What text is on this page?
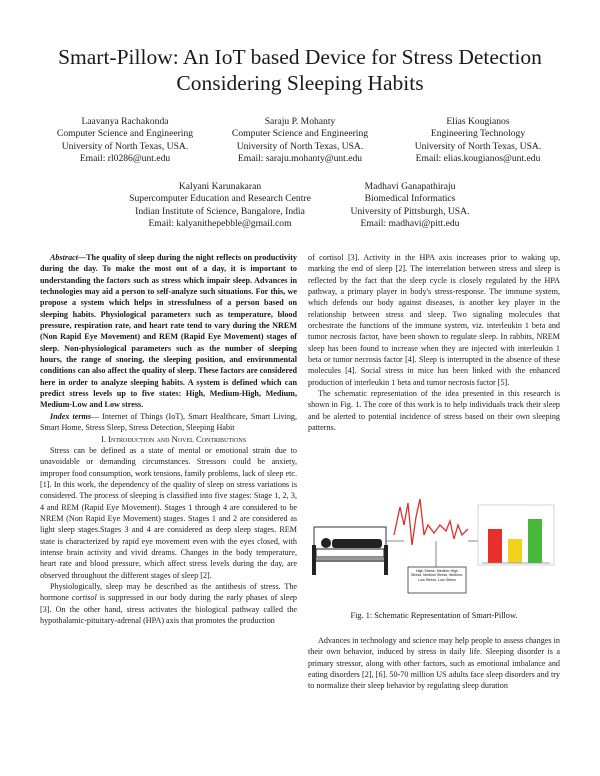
Smart-Pillow: An IoT based Device for Stress Detection Considering Sleeping Habits
Laavanya Rachakonda
Computer Science and Engineering
University of North Texas, USA.
Email: rl0286@unt.edu
Saraju P. Mohanty
Computer Science and Engineering
University of North Texas, USA.
Email: saraju.mohanty@unt.edu
Elias Kougianos
Engineering Technology
University of North Texas, USA.
Email: elias.kougianos@unt.edu
Kalyani Karunakaran
Supercomputer Education and Research Centre
Indian Institute of Science, Bangalore, India
Email: kalyanithepebble@gmail.com
Madhavi Ganapathiraju
Biomedical Informatics
University of Pittsburgh, USA.
Email: madhavi@pitt.edu

Abstract—The quality of sleep during the night reflects on productivity during the day. To make the most out of a day, it is important to understanding the factors such as stress which impair sleep. Advances in technologies may aid a person to self-analyze such situations. For this, we propose a system which helps in stressfulness of a person based on sleeping habits. Physiological parameters such as temperature, blood pressure, respiration rate, and heart rate tend to vary during the NREM (Non Rapid Eye Movement) and REM (Rapid Eye Movement) stages of sleep. Non-physiological parameters such as the number of sleeping hours, the range of snoring, the sleeping position, and environmental conditions can also affect the quality of sleep. These factors are considered here in order to analyze sleeping habits. A system is defined which can predict stress levels up to five states: High, Medium-High, Medium, Medium-Low and Low stress.

Index terms— Internet of Things (IoT), Smart Healthcare, Smart Living, Smart Home, Stress Sleep, Stress Detection, Sleeping Habit

I. Introduction and Novel Contributions

Stress can be defined as a state of mental or emotional strain due to unavoidable or demanding circumstances. Stressors could be anxiety, improper food consumption, work tensions, family problems, lack of sleep etc. [1]. In this work, the dependency of the quality of sleep on stress variations is considered. The process of sleeping is classified into five stages: Stage 1, 2, 3, 4 and REM (Rapid Eye Movement). Stages 1 through 4 are considered to be NREM (Non Rapid Eye Movement) stages. Stages 1 and 2 are considered as light sleep stages.Stages 3 and 4 are considered as deep sleep stages. REM state is characterized by rapid eye movement even with the eyes closed, with intense brain activity and vivid dreams. Changes in the body temperature, heart rate and blood pressure, which affect stress levels during the day, are observed throughout the different stages of sleep [2].

Physiologically, sleep may be described as the antithesis of stress. The hormone cortisol is suppressed in our body during the early phases of sleep [3]. On the other hand, stress activates the biological pathway called the hypothalamic-pituitary-adrenal (HPA) axis that promotes the production

of cortisol [3]. Activity in the HPA axis increases prior to waking up, marking the end of sleep [2]. The interrelation between stress and sleep is reflected by the fact that the sleep cycle is closely regulated by the HPA pathway, a primary player in body's stress-response. The immune system, which defends our body against diseases, is another key player in the relationship between stress and sleep. Two signaling molecules that orchestrate the functions of the immune system, viz. interleukin 1 beta and tumor necrosis factor, have been shown to regulate sleep. In rabbits, NREM sleep has been found to increase when they are injected with interleukin 1 beta or tumor necrosis factor [4]. Sleep is interrupted in the absence of these molecules [4]. Social stress in mice has been linked with the enhanced production of interleukin 1 beta and tumor necrosis factor [5].

The schematic representation of the idea presented in this research is shown in Fig. 1. The core of this work is to help individuals track their sleep and be alerted to potential incidence of stress based on their own sleeping patterns.

High Stress, Medium-High Stress, Medium Stress, Medium-Low Stress, Low Stress
Fig. 1: Schematic Representation of Smart-Pillow.

Advances in technology and science may help people to assess changes in their own behavior, induced by stress in daily life. Sleeping disorder is a primary stressor, along with other factors, such as emotional imbalance and eating disorders [2], [6]. 50-70 million US adults face sleep disorders and try to normalize their sleep behavior by regulating sleep duration
